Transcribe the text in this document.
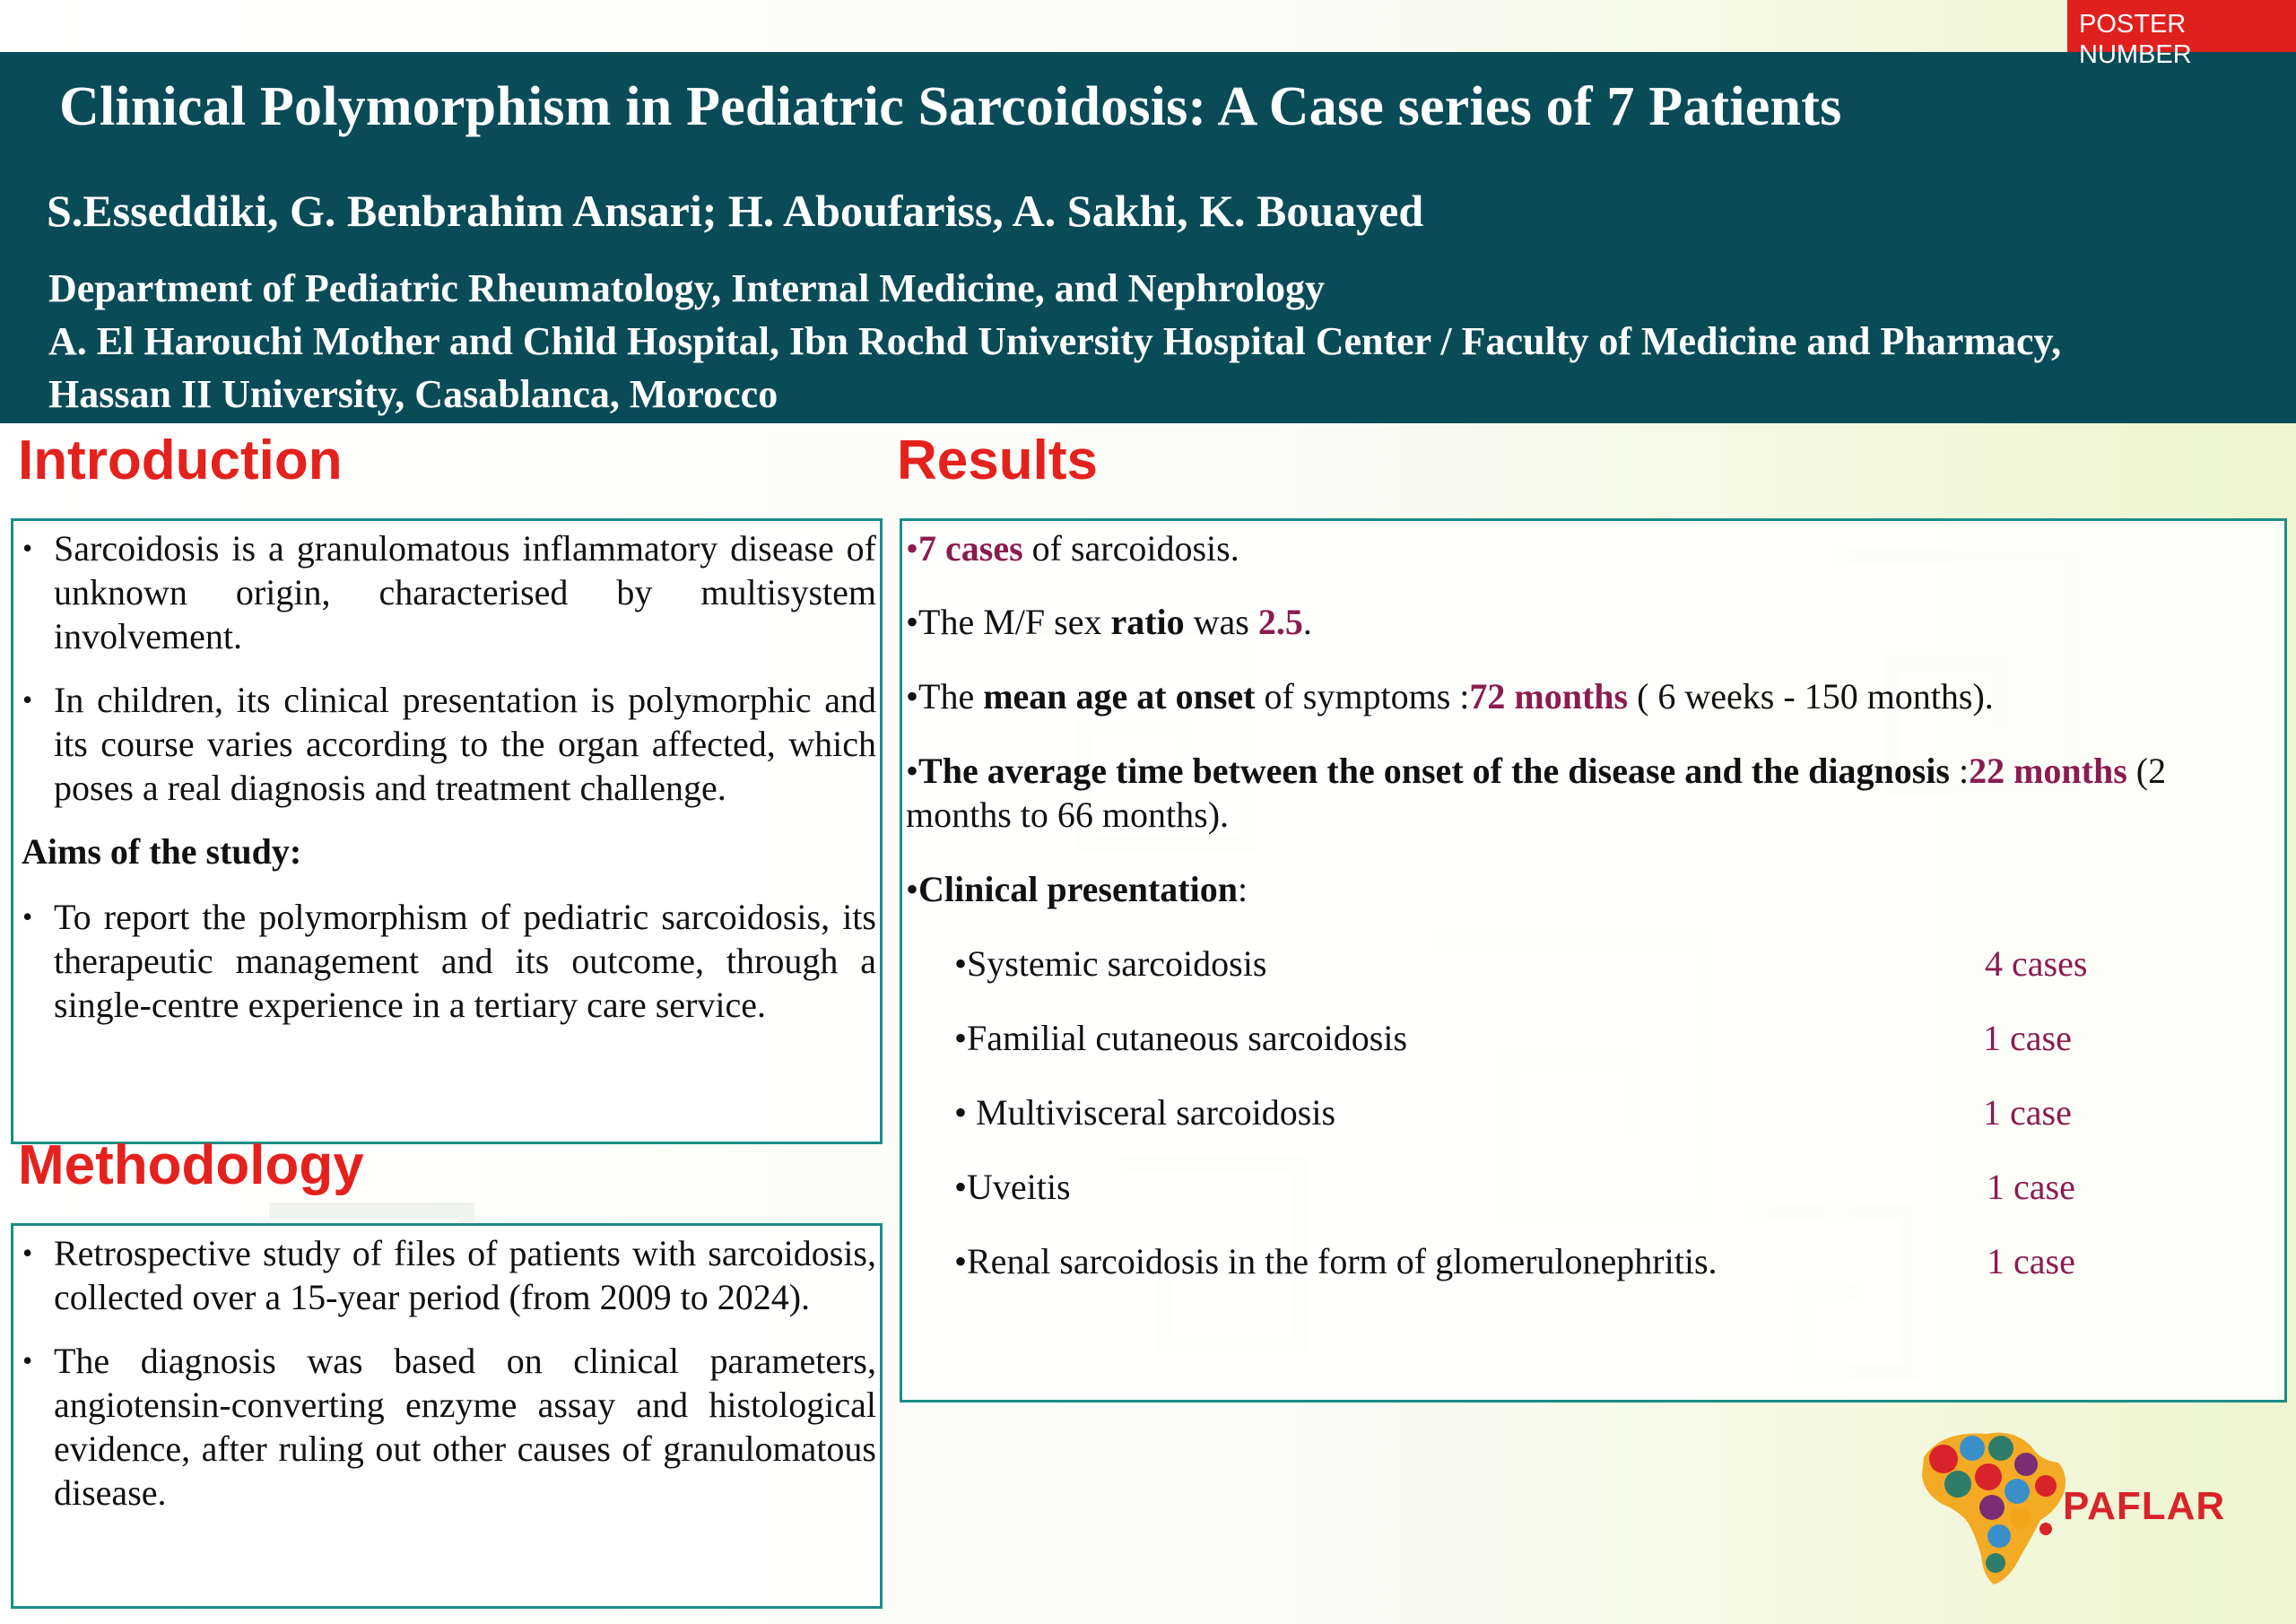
POSTER
NUMBER
Clinical Polymorphism in Pediatric Sarcoidosis: A Case series of 7 Patients

S.Esseddiki, G. Benbrahim Ansari; H. Aboufariss, A. Sakhi, K. Bouayed

Department of Pediatric Rheumatology, Internal Medicine, and Nephrology
A. El Harouchi Mother and Child Hospital, Ibn Rochd University Hospital Center / Faculty of Medicine and Pharmacy,
Hassan II University, Casablanca, Morocco
Introduction
• Sarcoidosis is a granulomatous inflammatory disease of unknown origin, characterised by multisystem involvement.
• In children, its clinical presentation is polymorphic and its course varies according to the organ affected, which poses a real diagnosis and treatment challenge.
Aims of the study:
• To report the polymorphism of pediatric sarcoidosis, its therapeutic management and its outcome, through a single-centre experience in a tertiary care service.
Methodology
• Retrospective study of files of patients with sarcoidosis, collected over a 15-year period (from 2009 to 2024).
• The diagnosis was based on clinical parameters, angiotensin-converting enzyme assay and histological evidence, after ruling out other causes of granulomatous disease.
Results
•7 cases of sarcoidosis.
•The M/F sex ratio was 2.5.
•The mean age at onset of symptoms :72 months ( 6 weeks - 150 months).
•The average time between the onset of the disease and the diagnosis :22 months (2 months to 66 months).
•Clinical presentation:
•Systemic sarcoidosis	4 cases
•Familial cutaneous sarcoidosis	1 case
• Multivisceral sarcoidosis	1 case
•Uveitis	1 case
•Renal sarcoidosis in the form of glomerulonephritis.	1 case
PAFLAR
